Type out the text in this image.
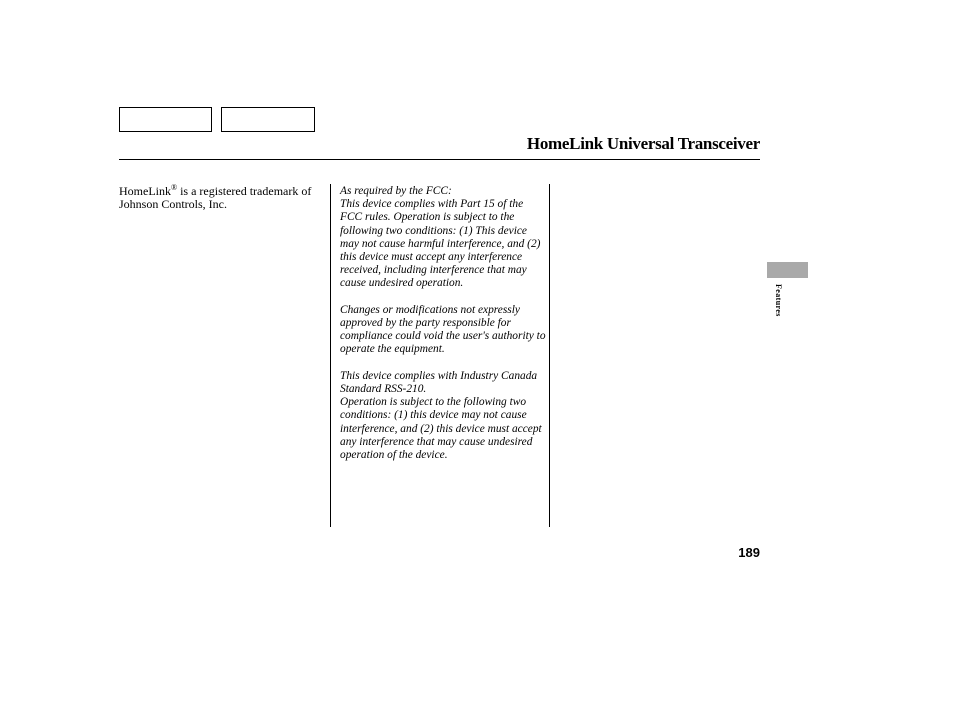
HomeLink Universal Transceiver
HomeLink® is a registered trademark of Johnson Controls, Inc.

As required by the FCC:

This device complies with Part 15 of the FCC rules. Operation is subject to the following two conditions: (1) This device may not cause harmful interference, and (2) this device must accept any interference received, including interference that may cause undesired operation.

Changes or modifications not expressly approved by the party responsible for compliance could void the user's authority to operate the equipment.

This device complies with Industry Canada Standard RSS-210.

Operation is subject to the following two conditions: (1) this device may not cause interference, and (2) this device must accept any interference that may cause undesired operation of the device.

Features
189
